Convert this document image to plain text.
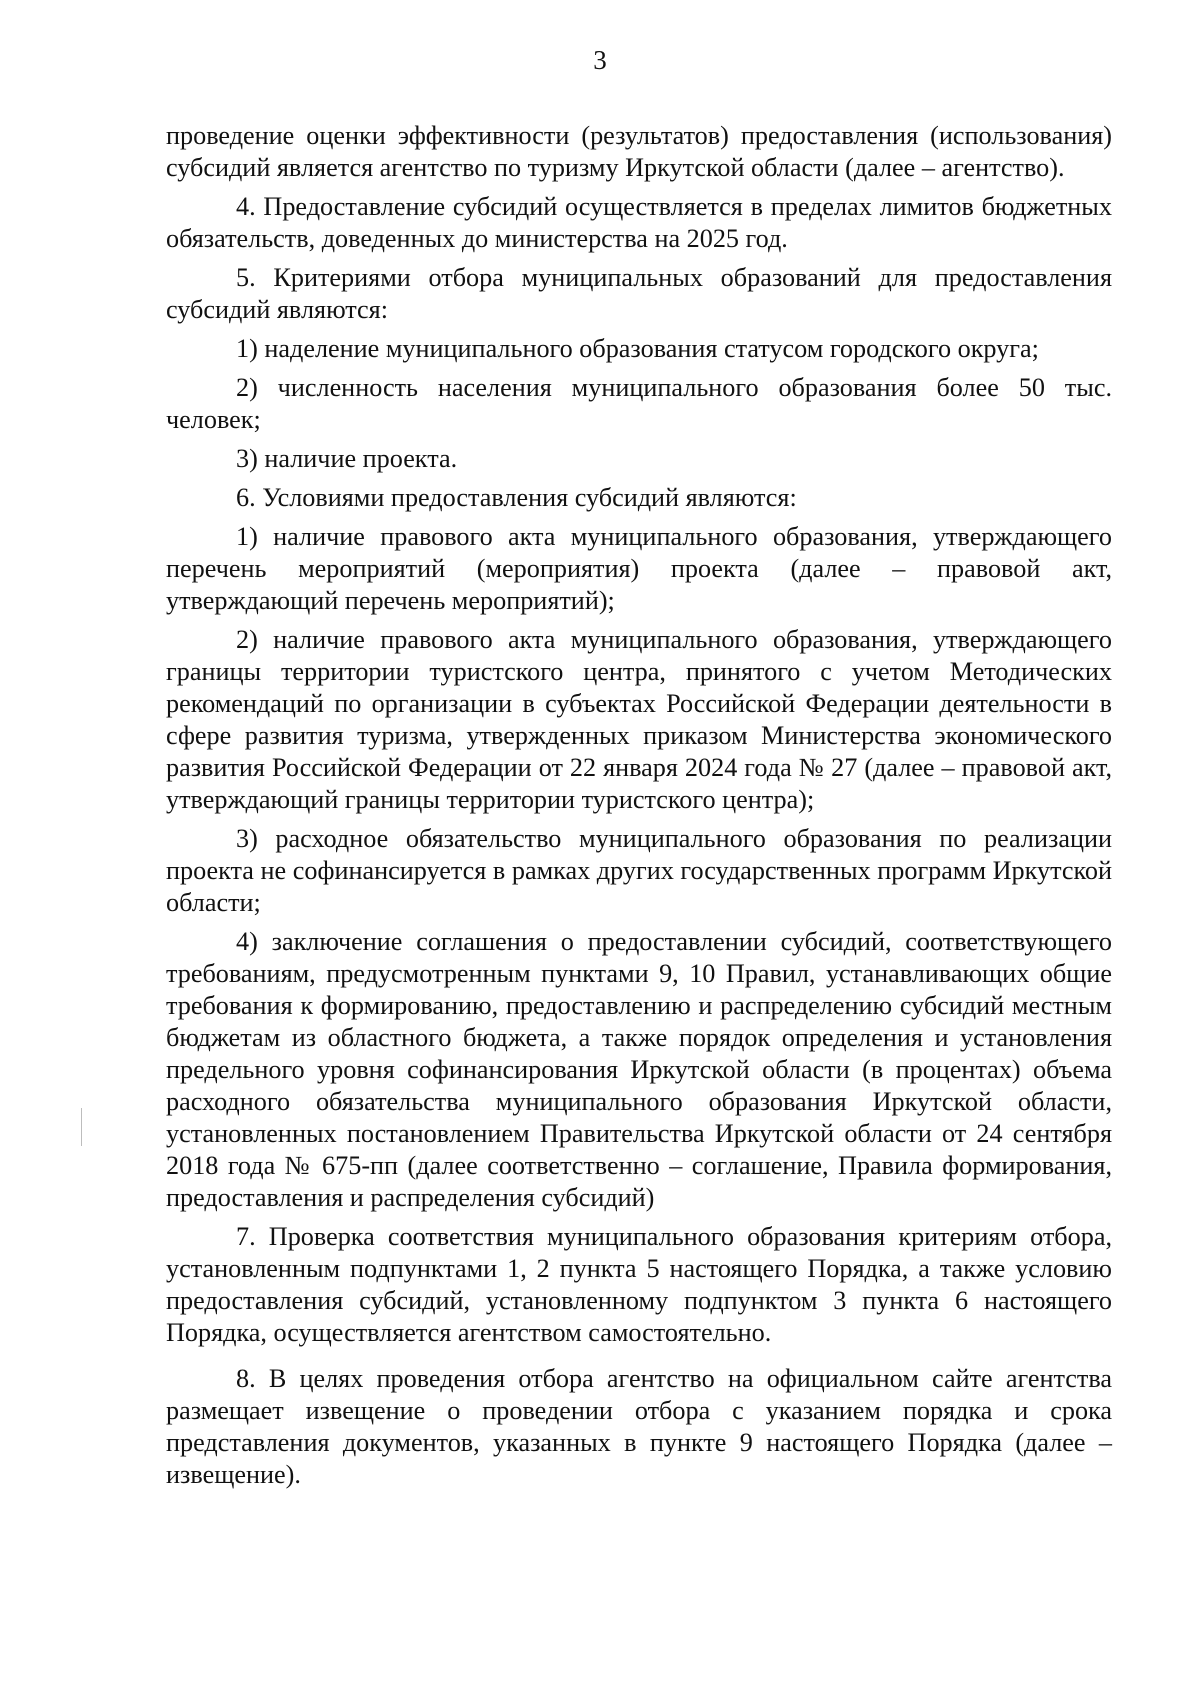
3

проведение оценки эффективности (результатов) предоставления (использования) субсидий является агентство по туризму Иркутской области (далее – агентство).

4. Предоставление субсидий осуществляется в пределах лимитов бюджетных обязательств, доведенных до министерства на 2025 год.

5. Критериями отбора муниципальных образований для предоставления субсидий являются:

1) наделение муниципального образования статусом городского округа;

2) численность населения муниципального образования более 50 тыс. человек;

3) наличие проекта.

6. Условиями предоставления субсидий являются:

1) наличие правового акта муниципального образования, утверждающего перечень мероприятий (мероприятия) проекта (далее – правовой акт, утверждающий перечень мероприятий);

2) наличие правового акта муниципального образования, утверждающего границы территории туристского центра, принятого с учетом Методических рекомендаций по организации в субъектах Российской Федерации деятельности в сфере развития туризма, утвержденных приказом Министерства экономического развития Российской Федерации от 22 января 2024 года № 27 (далее – правовой акт, утверждающий границы территории туристского центра);

3) расходное обязательство муниципального образования по реализации проекта не софинансируется в рамках других государственных программ Иркутской области;

4) заключение соглашения о предоставлении субсидий, соответствующего требованиям, предусмотренным пунктами 9, 10 Правил, устанавливающих общие требования к формированию, предоставлению и распределению субсидий местным бюджетам из областного бюджета, а также порядок определения и установления предельного уровня софинансирования Иркутской области (в процентах) объема расходного обязательства муниципального образования Иркутской области, установленных постановлением Правительства Иркутской области от 24 сентября 2018 года № 675-пп (далее соответственно – соглашение, Правила формирования, предоставления и распределения субсидий)

7. Проверка соответствия муниципального образования критериям отбора, установленным подпунктами 1, 2 пункта 5 настоящего Порядка, а также условию предоставления субсидий, установленному подпунктом 3 пункта 6 настоящего Порядка, осуществляется агентством самостоятельно.

8. В целях проведения отбора агентство на официальном сайте агентства размещает извещение о проведении отбора с указанием порядка и срока представления документов, указанных в пункте 9 настоящего Порядка (далее – извещение).
